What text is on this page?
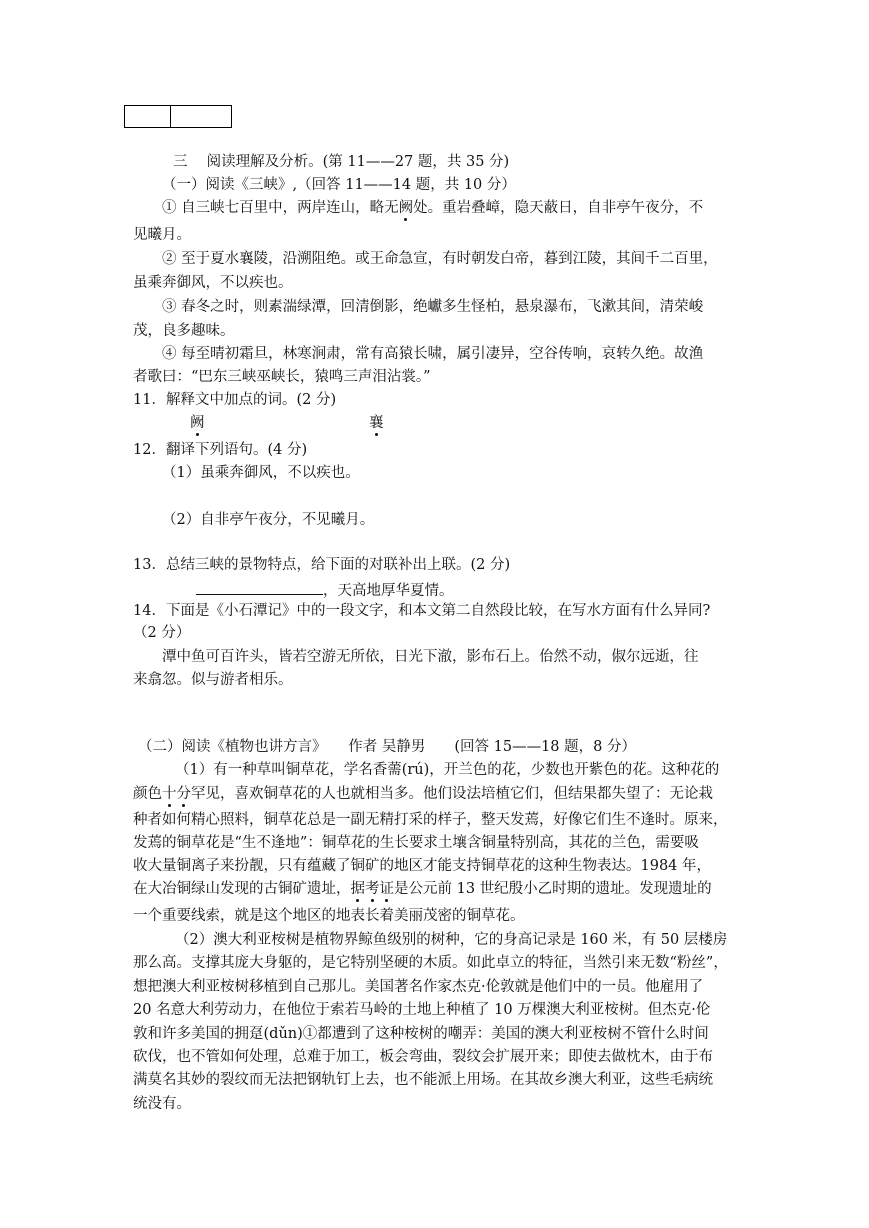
三　 阅读理解及分析。(第 11——27 题，共 35 分)
（一）阅读《三峡》,（回答 11——14 题，共 10 分）
① 自三峡七百里中，两岸连山，略无阙处。重岩叠嶂，隐天蔽日，自非亭午夜分，不
见曦月。
② 至于夏水襄陵，沿溯阻绝。或王命急宣，有时朝发白帝，暮到江陵，其间千二百里，
虽乘奔御风，不以疾也。
③ 春冬之时，则素湍绿潭，回清倒影，绝巘多生怪柏，悬泉瀑布，飞漱其间，清荣峻
茂，良多趣味。
④ 每至晴初霜旦，林寒涧肃，常有高猿长啸，属引凄异，空谷传响，哀转久绝。故渔
者歌曰：“巴东三峡巫峡长，猿鸣三声泪沾裳。”
11．解释文中加点的词。(2 分)
阙	襄
12．翻译下列语句。(4 分)
（1）虽乘奔御风，不以疾也。
（2）自非亭午夜分，不见曦月。
13．总结三峡的景物特点，给下面的对联补出上联。(2 分)
，天高地厚华夏情。
14．下面是《小石潭记》中的一段文字，和本文第二自然段比较，在写水方面有什么异同?
（2 分）
潭中鱼可百许头，皆若空游无所依，日光下澈，影布石上。佁然不动，俶尔远逝，往
来翕忽。似与游者相乐。
（二）阅读《植物也讲方言》　　作者 吴静男　　(回答 15——18 题，8 分）
（1）有一种草叫铜草花，学名香薷(rú)，开兰色的花，少数也开紫色的花。这种花的
颜色十分罕见，喜欢铜草花的人也就相当多。他们设法培植它们，但结果都失望了：无论栽
种者如何精心照料，铜草花总是一副无精打采的样子，整天发蔫，好像它们生不逢时。原来，
发蔫的铜草花是“生不逢地”：铜草花的生长要求土壤含铜量特别高，其花的兰色，需要吸
收大量铜离子来扮靓，只有蕴藏了铜矿的地区才能支持铜草花的这种生物表达。1984 年，
在大冶铜绿山发现的古铜矿遗址，据考证是公元前 13 世纪殷小乙时期的遗址。发现遗址的
一个重要线索，就是这个地区的地表长着美丽茂密的铜草花。
（2）澳大利亚桉树是植物界鲸鱼级别的树种，它的身高记录是 160 米，有 50 层楼房
那么高。支撑其庞大身躯的，是它特别坚硬的木质。如此卓立的特征，当然引来无数“粉丝”，
想把澳大利亚桉树移植到自己那儿。美国著名作家杰克·伦敦就是他们中的一员。他雇用了
20 名意大利劳动力，在他位于索若马岭的土地上种植了 10 万棵澳大利亚桉树。但杰克·伦
敦和许多美国的拥趸(dǔn)①都遭到了这种桉树的嘲弄：美国的澳大利亚桉树不管什么时间
砍伐，也不管如何处理，总难于加工，板会弯曲，裂纹会扩展开来；即使去做枕木，由于布
满莫名其妙的裂纹而无法把钢轨钉上去，也不能派上用场。在其故乡澳大利亚，这些毛病统
统没有。
